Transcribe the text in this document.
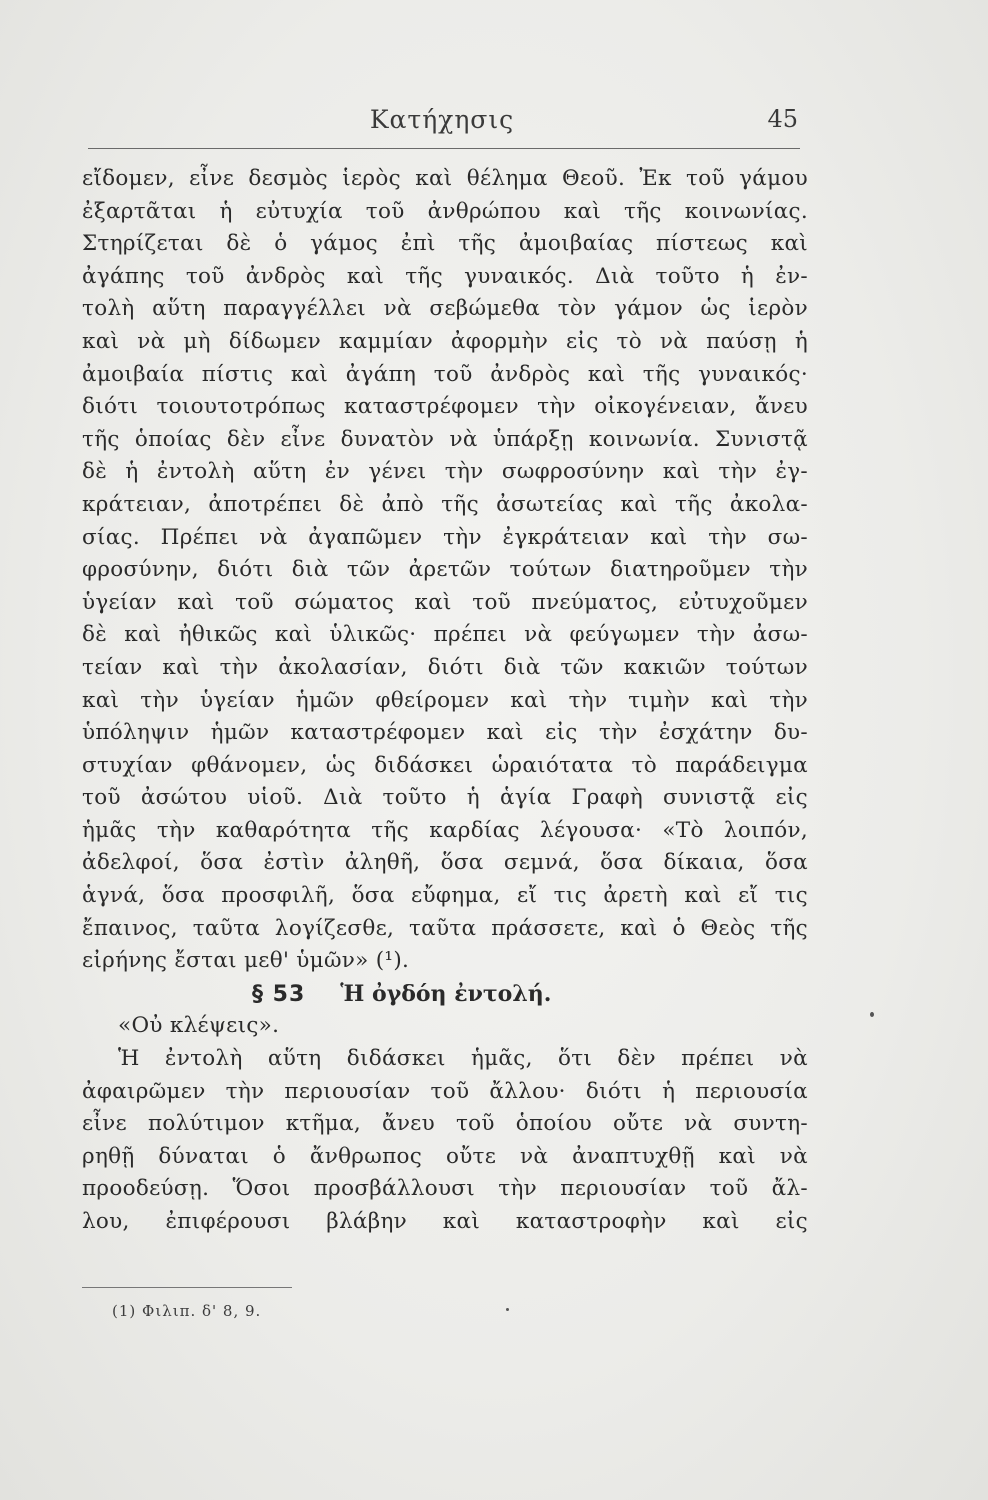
Κατήχησις	45
εἴδομεν, εἶνε δεσμὸς ἱερὸς καὶ θέλημα Θεοῦ. Ἐκ τοῦ γάμου
ἐξαρτᾶται ἡ εὐτυχία τοῦ ἀνθρώπου καὶ τῆς κοινωνίας.
Στηρίζεται δὲ ὁ γάμος ἐπὶ τῆς ἀμοιβαίας πίστεως καὶ
ἀγάπης τοῦ ἀνδρὸς καὶ τῆς γυναικός. Διὰ τοῦτο ἡ ἐν-
τολὴ αὕτη παραγγέλλει νὰ σεβώμεθα τὸν γάμον ὡς ἱερὸν
καὶ νὰ μὴ δίδωμεν καμμίαν ἀφορμὴν εἰς τὸ νὰ παύσῃ ἡ
ἀμοιβαία πίστις καὶ ἀγάπη τοῦ ἀνδρὸς καὶ τῆς γυναικός·
διότι τοιουτοτρόπως καταστρέφομεν τὴν οἰκογένειαν, ἄνευ
τῆς ὁποίας δὲν εἶνε δυνατὸν νὰ ὑπάρξῃ κοινωνία. Συνιστᾷ
δὲ ἡ ἐντολὴ αὕτη ἐν γένει τὴν σωφροσύνην καὶ τὴν ἐγ-
κράτειαν, ἀποτρέπει δὲ ἀπὸ τῆς ἀσωτείας καὶ τῆς ἀκολα-
σίας. Πρέπει νὰ ἀγαπῶμεν τὴν ἐγκράτειαν καὶ τὴν σω-
φροσύνην, διότι διὰ τῶν ἀρετῶν τούτων διατηροῦμεν τὴν
ὑγείαν καὶ τοῦ σώματος καὶ τοῦ πνεύματος, εὐτυχοῦμεν
δὲ καὶ ἠθικῶς καὶ ὑλικῶς· πρέπει νὰ φεύγωμεν τὴν ἀσω-
τείαν καὶ τὴν ἀκολασίαν, διότι διὰ τῶν κακιῶν τούτων
καὶ τὴν ὑγείαν ἡμῶν φθείρομεν καὶ τὴν τιμὴν καὶ τὴν
ὑπόληψιν ἡμῶν καταστρέφομεν καὶ εἰς τὴν ἐσχάτην δυ-
στυχίαν φθάνομεν, ὡς διδάσκει ὡραιότατα τὸ παράδειγμα
τοῦ ἀσώτου υἱοῦ. Διὰ τοῦτο ἡ ἁγία Γραφὴ συνιστᾷ εἰς
ἡμᾶς τὴν καθαρότητα τῆς καρδίας λέγουσα· «Τὸ λοιπόν,
ἀδελφοί, ὅσα ἐστὶν ἀληθῆ, ὅσα σεμνά, ὅσα δίκαια, ὅσα
ἁγνά, ὅσα προσφιλῆ, ὅσα εὔφημα, εἴ τις ἀρετὴ καὶ εἴ τις
ἔπαινος, ταῦτα λογίζεσθε, ταῦτα πράσσετε, καὶ ὁ Θεὸς τῆς
εἰρήνης ἔσται μεθ' ὑμῶν» (¹).
§ 53 Ἡ ὀγδόη ἐντολή.
«Οὐ κλέψεις».
Ἡ ἐντολὴ αὕτη διδάσκει ἡμᾶς, ὅτι δὲν πρέπει νὰ
ἀφαιρῶμεν τὴν περιουσίαν τοῦ ἄλλου· διότι ἡ περιουσία
εἶνε πολύτιμον κτῆμα, ἄνευ τοῦ ὁποίου οὔτε νὰ συντη-
ρηθῇ δύναται ὁ ἄνθρωπος οὔτε νὰ ἀναπτυχθῇ καὶ νὰ
προοδεύσῃ. Ὅσοι προσβάλλουσι τὴν περιουσίαν τοῦ ἄλ-
λου, ἐπιφέρουσι βλάβην καὶ καταστροφὴν καὶ εἰς
(1) Φιλιπ. δ' 8, 9.
